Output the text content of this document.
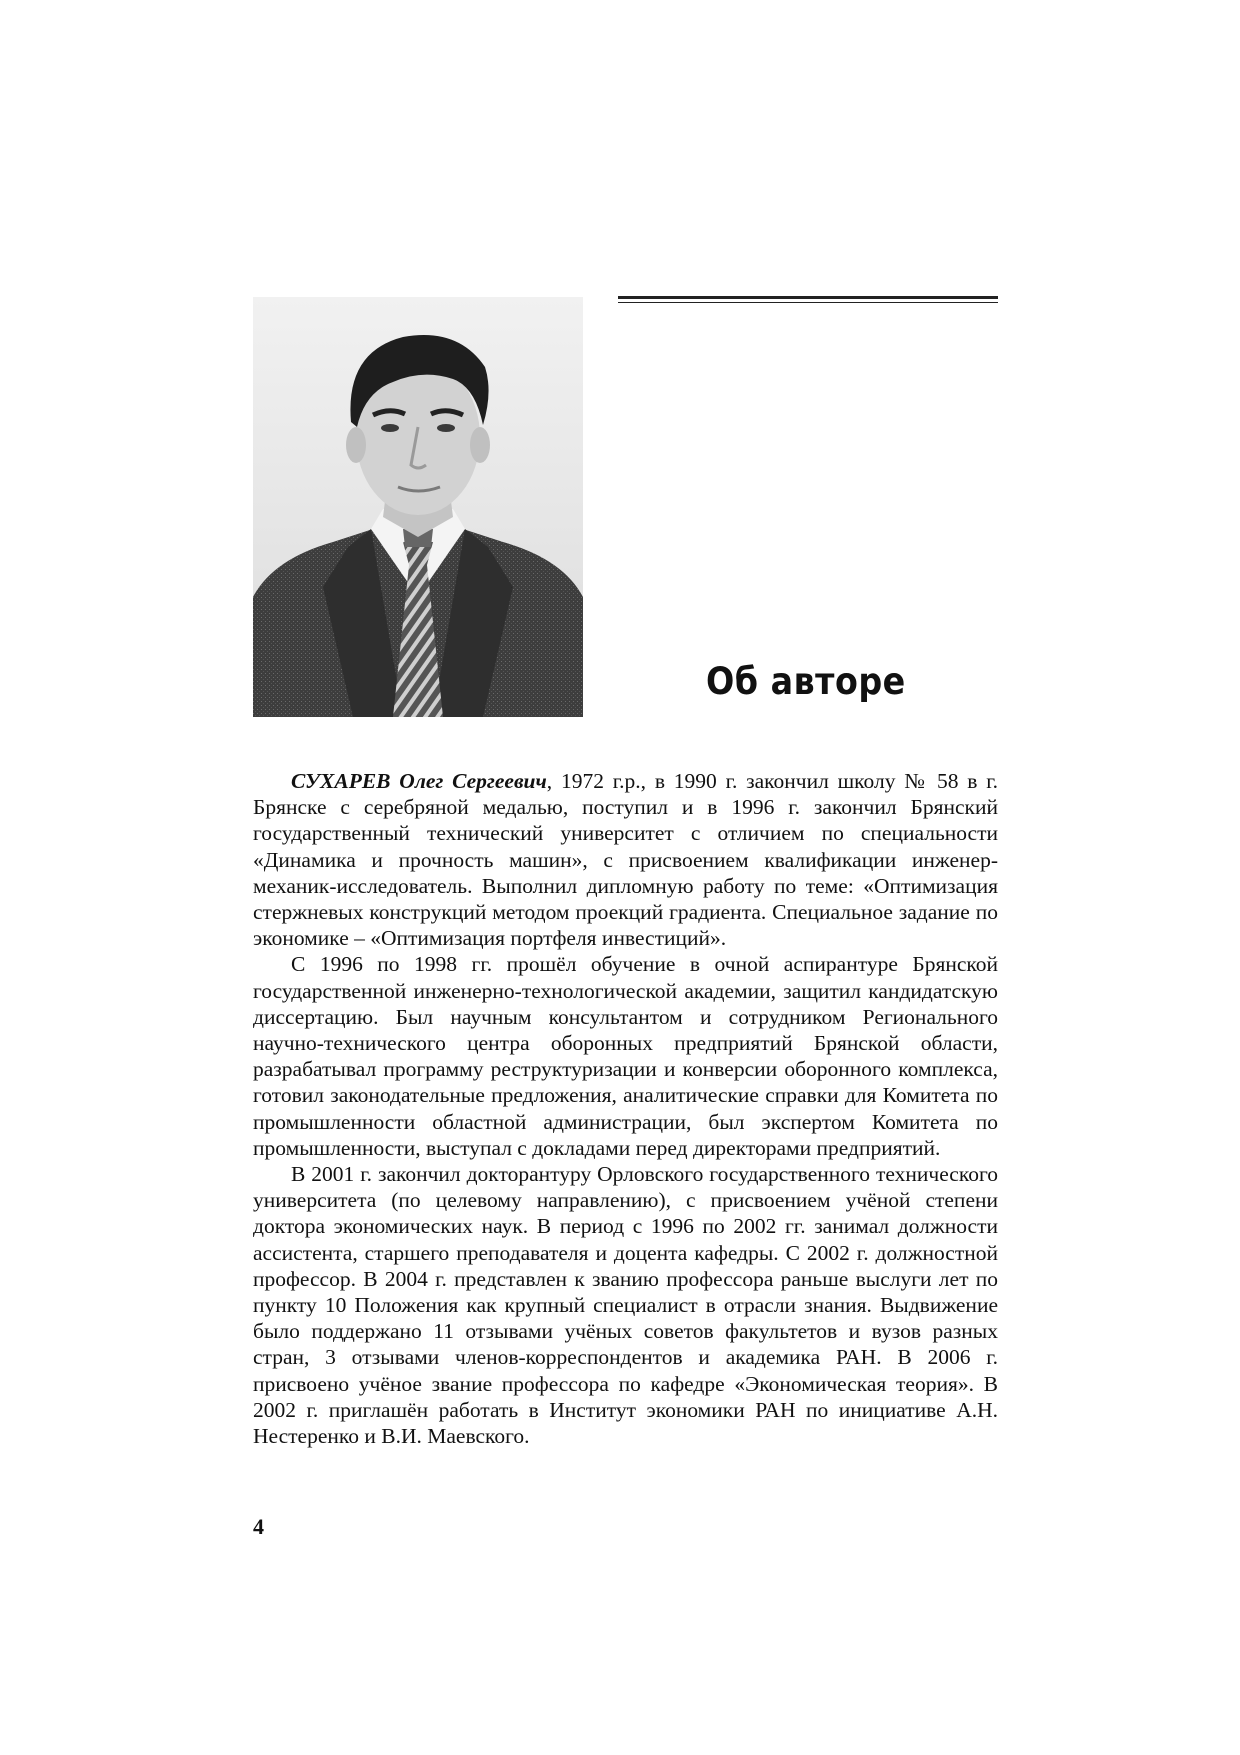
Об авторе

СУХАРЕВ Олег Сергеевич, 1972 г.р., в 1990 г. закончил школу № 58 в г. Брянске с серебряной медалью, поступил и в 1996 г. закончил Брянский государственный технический университет с отличием по специальности «Динамика и прочность машин», с присвоением квалификации инженер-механик-исследователь. Выполнил дипломную работу по теме: «Оптимизация стержневых конструкций методом проекций градиента. Специальное задание по экономике – «Оптимизация портфеля инвестиций».

С 1996 по 1998 гг. прошёл обучение в очной аспирантуре Брянской государственной инженерно-технологической академии, защитил кандидатскую диссертацию. Был научным консультантом и сотрудником Регионального научно-технического центра оборонных предприятий Брянской области, разрабатывал программу реструктуризации и конверсии оборонного комплекса, готовил законодательные предложения, аналитические справки для Комитета по промышленности областной администрации, был экспертом Комитета по промышленности, выступал с докладами перед директорами предприятий.

В 2001 г. закончил докторантуру Орловского государственного технического университета (по целевому направлению), с присвоением учёной степени доктора экономических наук. В период с 1996 по 2002 гг. занимал должности ассистента, старшего преподавателя и доцента кафедры. С 2002 г. должностной профессор. В 2004 г. представлен к званию профессора раньше выслуги лет по пункту 10 Положения как крупный специалист в отрасли знания. Выдвижение было поддержано 11 отзывами учёных советов факультетов и вузов разных стран, 3 отзывами членов-корреспондентов и академика РАН. В 2006 г. присвоено учёное звание профессора по кафедре «Экономическая теория». В 2002 г. приглашён работать в Институт экономики РАН по инициативе А.Н. Нестеренко и В.И. Маевского.

4
